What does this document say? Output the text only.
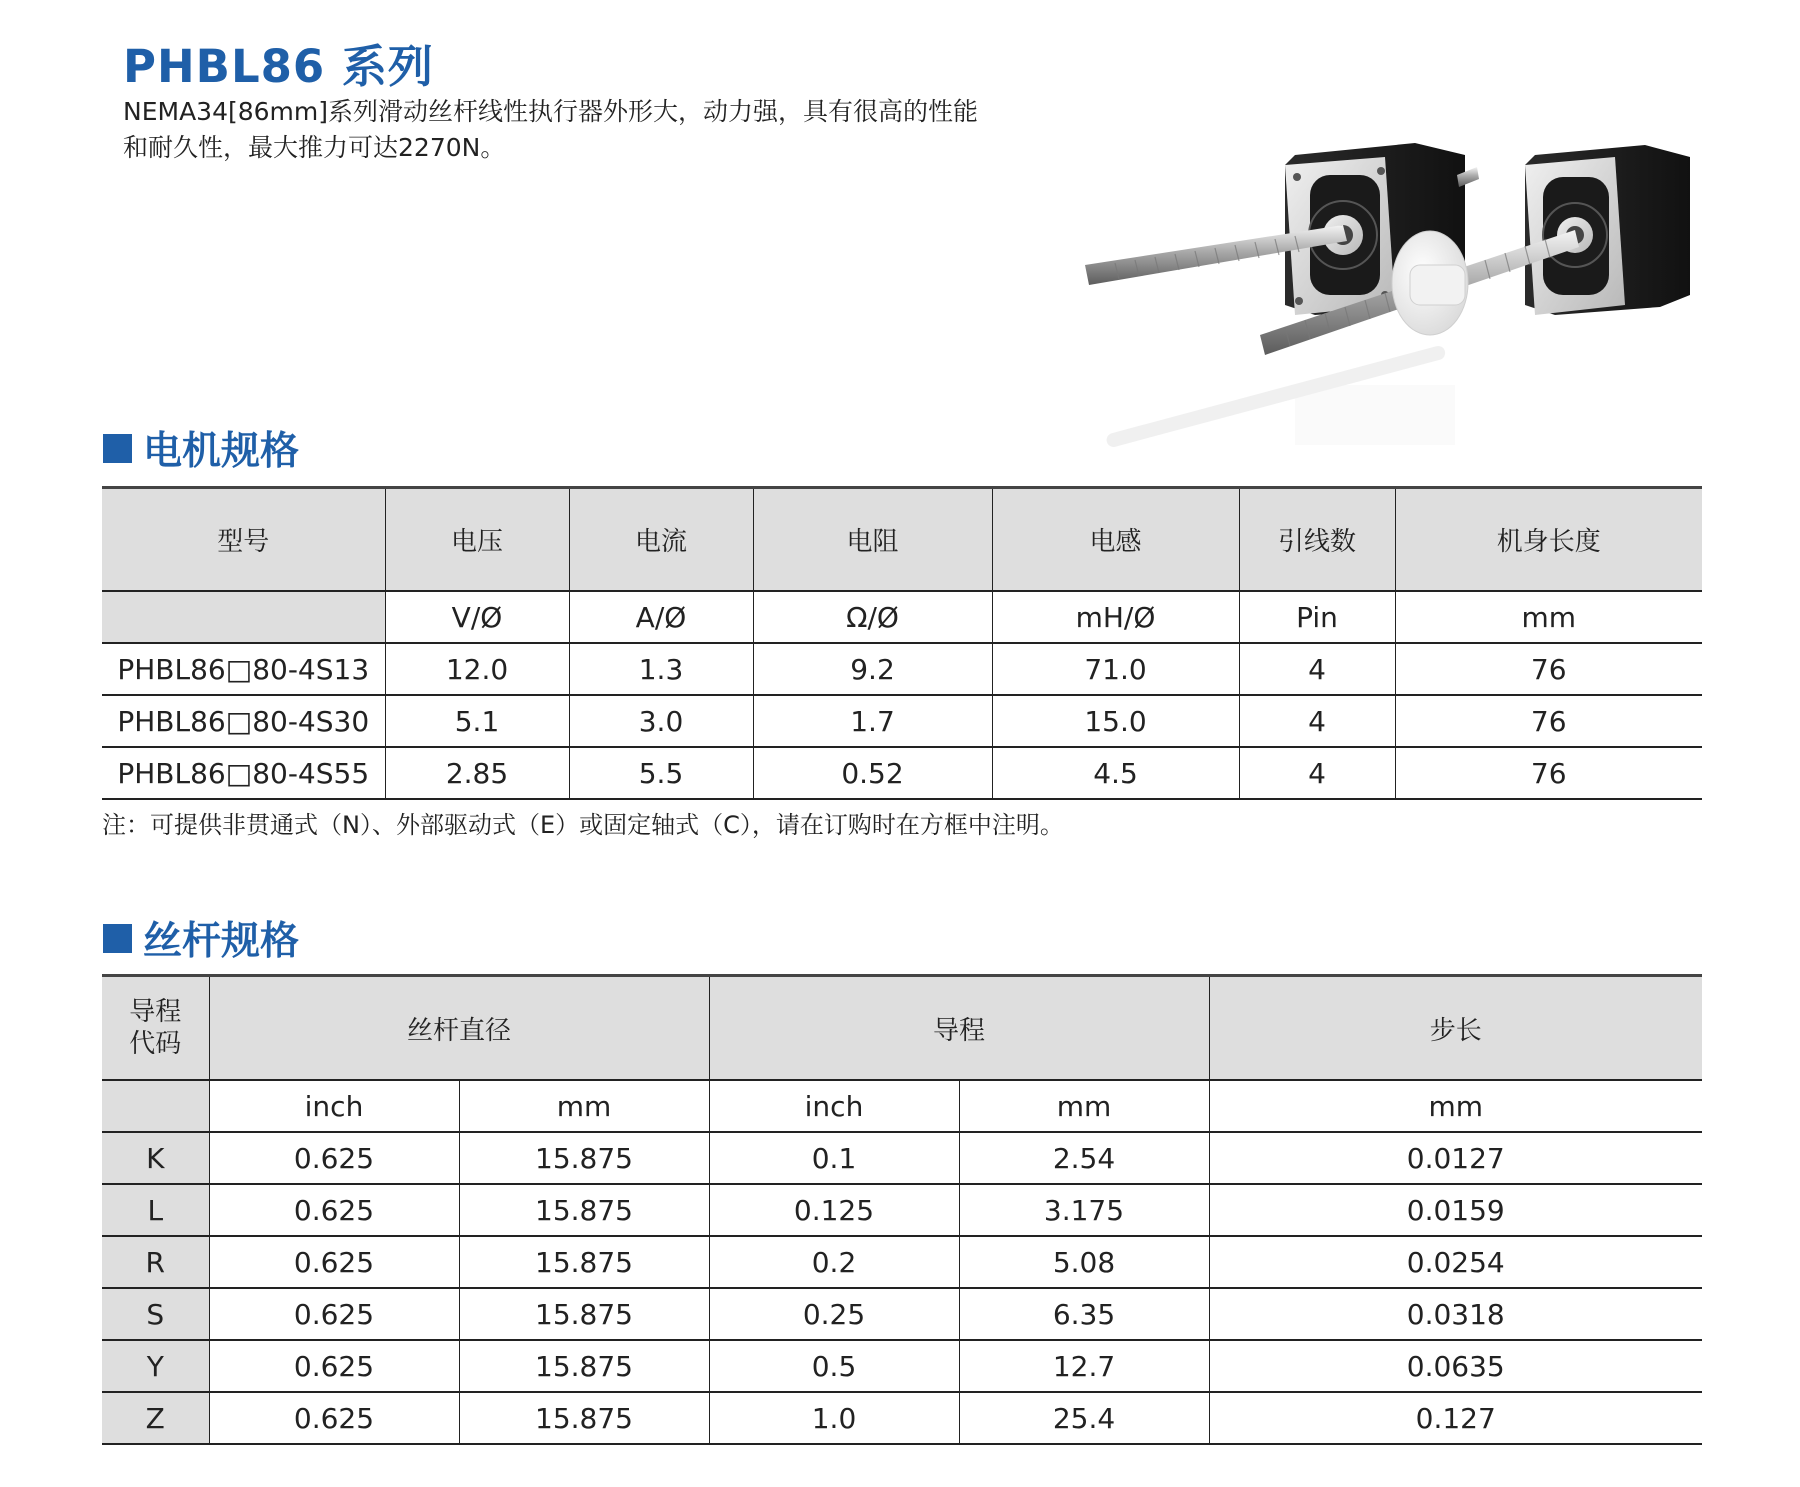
PHBL86 系列

NEMA34[86mm]系列滑动丝杆线性执行器外形大，动力强，具有很高的性能

和耐久性，最大推力可达2270N。

电机规格
型号	电压	电流	电阻	电感	引线数	机身长度
	V/Ø	A/Ø	Ω/Ø	mH/Ø	Pin	mm
PHBL86□80-4S13	12.0	1.3	9.2	71.0	4	76
PHBL86□80-4S30	5.1	3.0	1.7	15.0	4	76
PHBL86□80-4S55	2.85	5.5	0.52	4.5	4	76

注：可提供非贯通式（N）、外部驱动式（E）或固定轴式（C），请在订购时在方框中注明。

丝杆规格
导程
代码	丝杆直径		导程		步长
	inch	mm	inch	mm	mm
K	0.625	15.875	0.1	2.54	0.0127
L	0.625	15.875	0.125	3.175	0.0159
R	0.625	15.875	0.2	5.08	0.0254
S	0.625	15.875	0.25	6.35	0.0318
Y	0.625	15.875	0.5	12.7	0.0635
Z	0.625	15.875	1.0	25.4	0.127
